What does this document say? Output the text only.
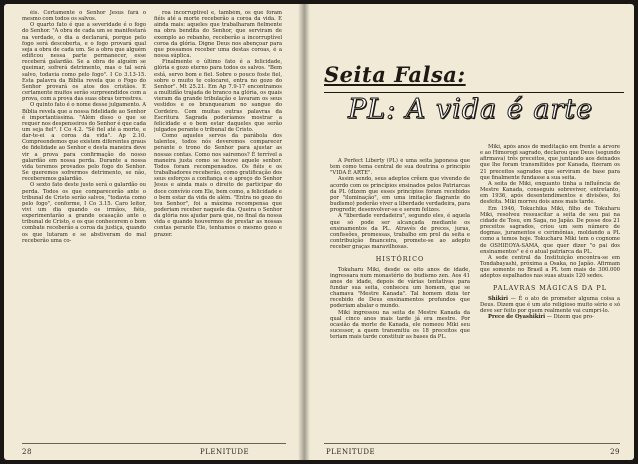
éis. Certamente o Senhor Jesus fará o mesmo com todos os salvos.

O quarto fato é que a severidade é o fogo do Senhor. "A obra de cada um se manifestará na verdade, o dia a declarará, porque pelo fogo será descoberta, e o fogo provará qual seja a obra de cada um. Se a obra que alguém edificou nessa parte permanecer, esse receberá galardão. Se a obra de alguém se queimar, sofrerá detrimento, mas o tal será salvo, todavia como pelo fogo". I Co 3.13-15. Esta palavra da Bíblia revela que o Fogo do Senhor provará os atos dos cristãos. E certamente muitos serão surpreendidos com a prova, com a prova das suas obras terrestres.

O quinto fato é o nome desse julgamento. A Bíblia revela que a nossa fidelidade ao Senhor é importantíssima. "Além disso o que se requer nos despenseiros do Senhor é que cada um seja fiel". I Co 4.2. "Sê fiel até a morte, e dar-te-ei a coroa da vida". Ap 2.10. Compreendemos que existem diferentes graus de fidelidade ao Senhor e desta maneira deve vir a prova para confirmação do nosso galardão em nossa perda. Durante a nossa vida teremos provados pelo fogo do Senhor. Se queremos sofrermos detrimento, se não, receberemos galardão.

O sexto fato deste justo será o galardão ou perda. Todos os que comparecerão ante o tribunal de Cristo serão salvos, "todavia como pelo fogo", conforme, I Co 3.15. Caro leitor, vivi um dia quando os irmãos, fiéis, experimentarão a grande ocasação ante o tribunal de Cristo, e os que conhecerem o bom combate receberão a coroa da justiça, quando os que lutaram e se abstiveram do mal receberão uma co-

roa incorruptível e, também, os que foram fiéis até a morte receberão a coroa da vida. E ainda mais: aqueles que trabalharam fielmente na obra bendita do Senhor, que serviram de exemplo ao rebanho, receberão a incorruptível coroa da glória. Digne Deus nos abençoar para que possamos receber uma destas coroas, é a nossa súplica.

Finalmente o último fato é a felicidade, glória e gozo eterno para todos os salvos. "Bem está, servo bom e fiel. Sobre o pouco foste fiel, sobre o muito te colocarei, entra no gozo do Senhor". Mt 25.21. Em Ap 7.9-17 encontramos a multidão trajada de branco na glória, os quais vieram da grande tribulação e lavaram os seus vestidos e os branquearam no sangue do Cordeiro. Com muitas outras palavras da Escritura Sagrada poderíamos mostrar a felicidade e o bem estar daqueles que serão julgados perante o tribunal de Cristo.

Como aqueles servos da parábola dos talentos, todos nós deveremos comparecer perante o trono do Senhor para ajustar as nossas contas. Como nos sairemos? É terrível a maneira justa como se houve aquele senhor. Todos foram recompensados. Os fiéis e os trabalhadores receberão, como gratificação dos seus esforços a confiança e o apreço do Senhor Jesus e ainda mais o direito de participar do doce convívio com Ele, bem como, a felicidade e o bem estar da vida de além. "Entra no gozo do teu Senhor", foi a máxima recompensa que poderiam receber naquele dia. Queira o Senhor da glória nos ajudar para que, no final da nossa vida e quando houvermos de prestar as nossas contas perante Ele, tenhamos o mesmo gozo e prazer.

28	PLENITUDE
Seita Falsa:
PL: A vida é arte

A Perfect Liberty (PL) é uma seita japonesa que tem como tema central de sua doutrina o princípio "VIDA É ARTE".

Assim sendo, seus adeptos crêem que vivendo de acordo com os princípios ensinados pelos Patriarcas da PL (dizem que esses princípios foram recebidos por "iluminação", em uma imitação flagrante do budismo) poderão viver a liberdade verdadeira, para progredir, desenvolver-se e serem felizes.

A "liberdade verdadeira", segundo eles, é aquela que só pode ser alcançada mediante os ensinamentos da PL. Através de preces, juras, confissões, promessas, trabalho em prol da seita e contribuição financeira, promete-se ao adepto receber graças maravilhosas.

HISTÓRICO

Tokuharu Miki, desde os oito anos de idade, ingressara num monastério do budismo zen. Aos 41 anos de idade, depois de várias tentativas para fundar sua seita, conheceu um homem, que se chamava "Mestre Kanada". Tal homem dizia ter recebido de Deus ensinamentos profundos que poderiam abalar o mundo.

Miki ingressou na seita de Mestre Kanada da qual cinco anos mais tarde já era mestre. Por ocasião da morte de Kanada, ele nomeou Miki seu sucessor, a quem transmitiu os 18 preceitos que teriam mais tarde constituir as bases da PL.

Miki, após anos de meditação em frente a árvore e ao Himorogi sagrado, declarou que Deus (segundo afirmava) três preceitos, que juntando aos deixados que lhe foram transmitidos por Kanada, fizeram os 21 preceitos sagrados que serviram de base para que finalmente fundasse a sua seita.

A seita de Miki, enquanto tinha a influência de Mestre Kanada, conseguiu sobreviver, entretanto, em 1936, após desentendimentos e divisões, foi desfeita. Miki morreu dois anos mais tarde.

Em 1946, Tokuchika Miki, filho de Tokuharu Miki, resolveu ressuscitar a seita de seu pai na cidade de Tosu, em Saga, no Japão. De posse dos 21 preceitos sagrados, criou um sem número de dogmas, juramentos e cerimônias, moldando a PL como a temos hoje. Tokucharu Miki tem o cognome de OSHIEOYA-SAMA, que quer dizer "o pai dos ensinamentos" e é o atual patriarca da PL.

A sede central da Instituição encontra-se em Tondabayashi, próxima a Osaka, no Japão. Afirmam que somente no Brasil a PL tem mais de 300.000 adeptos espalhados nas suas atuais 120 sedes.

PALAVRAS MÁGICAS DA PL

Shikiri — É o ato de prometer alguma coisa a Deus. Dizem que é um ato religioso muito sério e só deve ser feito por quem realmente vai cumpri-lo.

Prece de Oyashikiri — Dizem que pro-

PLENITUDE	29
